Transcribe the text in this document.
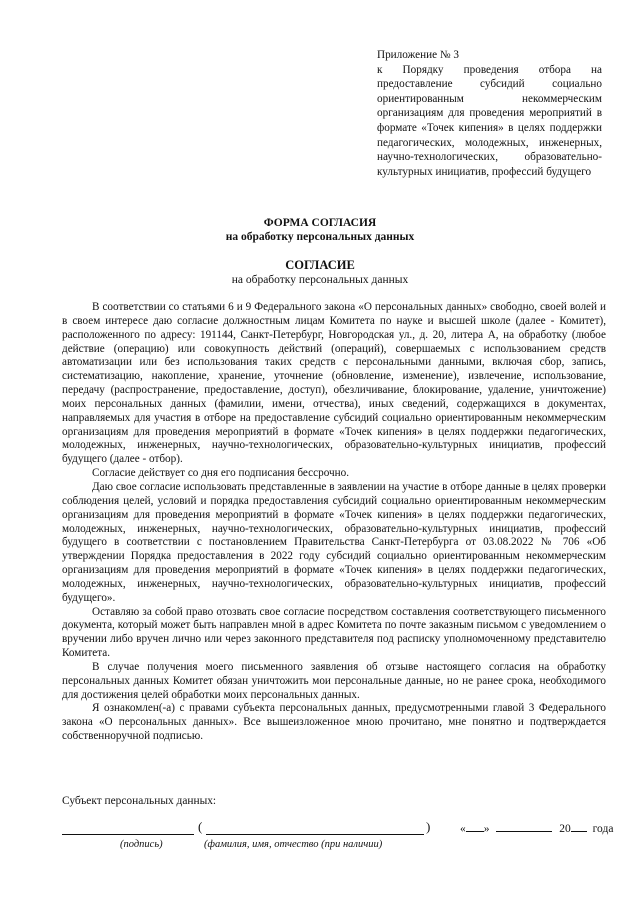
Приложение № 3
к Порядку проведения отбора на предоставление субсидий социально ориентированным некоммерческим организациям для проведения мероприятий в формате «Точек кипения» в целях поддержки педагогических, молодежных, инженерных, научно-технологических, образовательно-культурных инициатив, профессий будущего
ФОРМА СОГЛАСИЯ
на обработку персональных данных
СОГЛАСИЕ
на обработку персональных данных

В соответствии со статьями 6 и 9 Федерального закона «О персональных данных» свободно, своей волей и в своем интересе даю согласие должностным лицам Комитета по науке и высшей школе (далее - Комитет), расположенного по адресу: 191144, Санкт-Петербург, Новгородская ул., д. 20, литера А, на обработку (любое действие (операцию) или совокупность действий (операций), совершаемых с использованием средств автоматизации или без использования таких средств с персональными данными, включая сбор, запись, систематизацию, накопление, хранение, уточнение (обновление, изменение), извлечение, использование, передачу (распространение, предоставление, доступ), обезличивание, блокирование, удаление, уничтожение) моих персональных данных (фамилии, имени, отчества), иных сведений, содержащихся в документах, направляемых для участия в отборе на предоставление субсидий социально ориентированным некоммерческим организациям для проведения мероприятий в формате «Точек кипения» в целях поддержки педагогических, молодежных, инженерных, научно-технологических, образовательно-культурных инициатив, профессий будущего (далее - отбор).

Согласие действует со дня его подписания бессрочно.

Даю свое согласие использовать представленные в заявлении на участие в отборе данные в целях проверки соблюдения целей, условий и порядка предоставления субсидий социально ориентированным некоммерческим организациям для проведения мероприятий в формате «Точек кипения» в целях поддержки педагогических, молодежных, инженерных, научно-технологических, образовательно-культурных инициатив, профессий будущего в соответствии с постановлением Правительства Санкт-Петербурга от 03.08.2022 № 706 «Об утверждении Порядка предоставления в 2022 году субсидий социально ориентированным некоммерческим организациям для проведения мероприятий в формате «Точек кипения» в целях поддержки педагогических, молодежных, инженерных, научно-технологических, образовательно-культурных инициатив, профессий будущего».

Оставляю за собой право отозвать свое согласие посредством составления соответствующего письменного документа, который может быть направлен мной в адрес Комитета по почте заказным письмом с уведомлением о вручении либо вручен лично или через законного представителя под расписку уполномоченному представителю Комитета.

В случае получения моего письменного заявления об отзыве настоящего согласия на обработку персональных данных Комитет обязан уничтожить мои персональные данные, но не ранее срока, необходимого для достижения целей обработки моих персональных данных.

Я ознакомлен(-а) с правами субъекта персональных данных, предусмотренными главой 3 Федерального закона «О персональных данных». Все вышеизложенное мною прочитано, мне понятно и подтверждается собственноручной подписью.

Субъект персональных данных:
(	)	« »	20 года
(подпись)	(фамилия, имя, отчество (при наличии)
